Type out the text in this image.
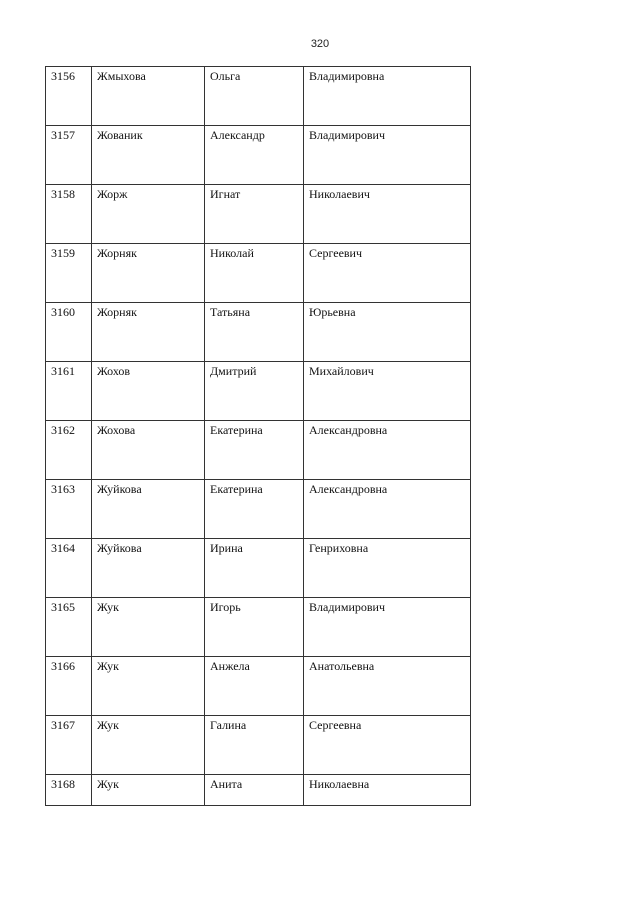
320
3156	Жмыхова	Ольга	Владимировна
3157	Жованик	Александр	Владимирович
3158	Жорж	Игнат	Николаевич
3159	Жорняк	Николай	Сергеевич
3160	Жорняк	Татьяна	Юрьевна
3161	Жохов	Дмитрий	Михайлович
3162	Жохова	Екатерина	Александровна
3163	Жуйкова	Екатерина	Александровна
3164	Жуйкова	Ирина	Генриховна
3165	Жук	Игорь	Владимирович
3166	Жук	Анжела	Анатольевна
3167	Жук	Галина	Сергеевна
3168	Жук	Анита	Николаевна
